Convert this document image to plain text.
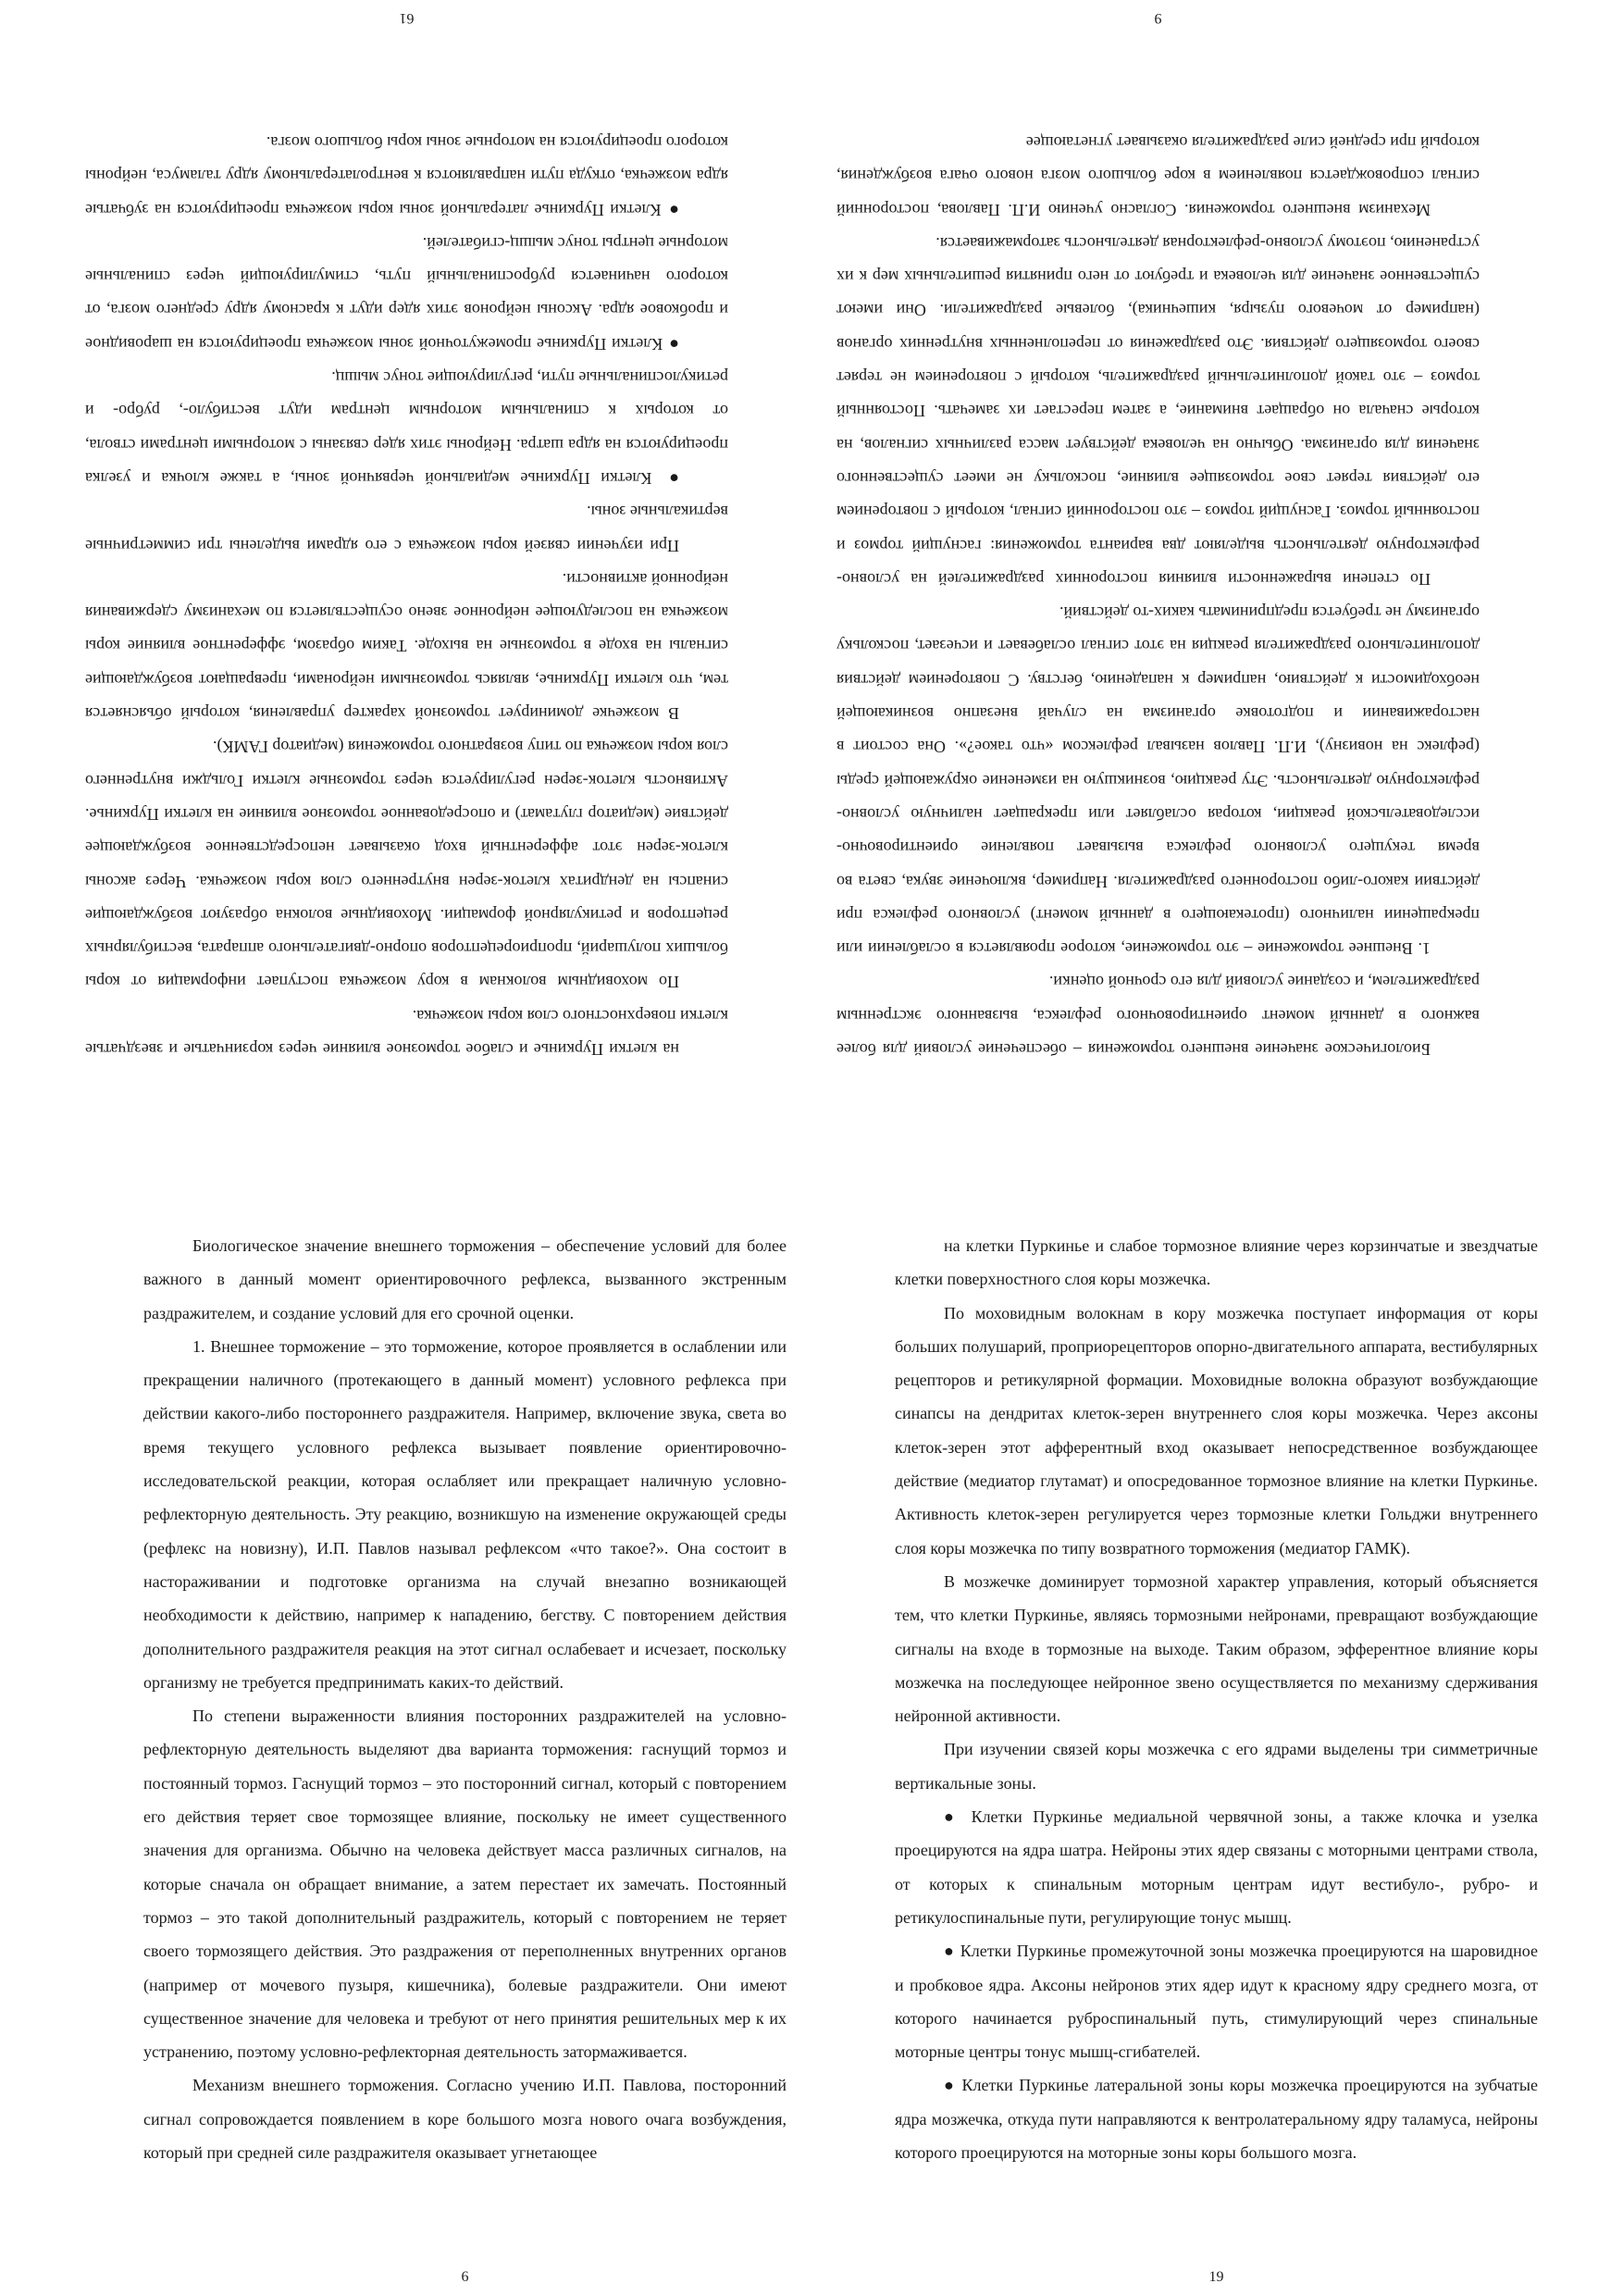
Биологическое значение внешнего торможения – обеспечение условий для более важного в данный момент ориентировочного рефлекса, вызванного экстренным раздражителем, и создание условий для его срочной оценки.

1. Внешнее торможение – это торможение, которое проявляется в ослаблении или прекращении наличного (протекающего в данный момент) условного рефлекса при действии какого-либо постороннего раздражителя. Например, включение звука, света во время текущего условного рефлекса вызывает появление ориентировочно-исследовательской реакции, которая ослабляет или прекращает наличную условно-рефлекторную деятельность. Эту реакцию, возникшую на изменение окружающей среды (рефлекс на новизну), И.П. Павлов называл рефлексом «что такое?». Она состоит в настораживании и подготовке организма на случай внезапно возникающей необходимости к действию, например к нападению, бегству. С повторением действия дополнительного раздражителя реакция на этот сигнал ослабевает и исчезает, поскольку организму не требуется предпринимать каких-то действий.

По степени выраженности влияния посторонних раздражителей на условно-рефлекторную деятельность выделяют два варианта торможения: гаснущий тормоз и постоянный тормоз. Гаснущий тормоз – это посторонний сигнал, который с повторением его действия теряет свое тормозящее влияние, поскольку не имеет существенного значения для организма. Обычно на человека действует масса различных сигналов, на которые сначала он обращает внимание, а затем перестает их замечать. Постоянный тормоз – это такой дополнительный раздражитель, который с повторением не теряет своего тормозящего действия. Это раздражения от переполненных внутренних органов (например от мочевого пузыря, кишечника), болевые раздражители. Они имеют существенное значение для человека и требуют от него принятия решительных мер к их устранению, поэтому условно-рефлекторная деятельность затормаживается.

Механизм внешнего торможения. Согласно учению И.П. Павлова, посторонний сигнал сопровождается появлением в коре большого мозга нового очага возбуждения, который при средней силе раздражителя оказывает угнетающее

9

на клетки Пуркинье и слабое тормозное влияние через корзинчатые и звездчатые клетки поверхностного слоя коры мозжечка.

По моховидным волокнам в кору мозжечка поступает информация от коры больших полушарий, проприорецепторов опорно-двигательного аппарата, вестибулярных рецепторов и ретикулярной формации. Моховидные волокна образуют возбуждающие синапсы на дендритах клеток-зерен внутреннего слоя коры мозжечка. Через аксоны клеток-зерен этот афферентный вход оказывает непосредственное возбуждающее действие (медиатор глутамат) и опосредованное тормозное влияние на клетки Пуркинье. Активность клеток-зерен регулируется через тормозные клетки Гольджи внутреннего слоя коры мозжечка по типу возвратного торможения (медиатор ГАМК).

В мозжечке доминирует тормозной характер управления, который объясняется тем, что клетки Пуркинье, являясь тормозными нейронами, превращают возбуждающие сигналы на входе в тормозные на выходе. Таким образом, эфферентное влияние коры мозжечка на последующее нейронное звено осуществляется по механизму сдерживания нейронной активности.

При изучении связей коры мозжечка с его ядрами выделены три симметричные вертикальные зоны.

● Клетки Пуркинье медиальной червячной зоны, а также клочка и узелка проецируются на ядра шатра. Нейроны этих ядер связаны с моторными центрами ствола, от которых к спинальным моторным центрам идут вестибуло-, рубро- и ретикулоспинальные пути, регулирующие тонус мышц.

● Клетки Пуркинье промежуточной зоны мозжечка проецируются на шаровидное и пробковое ядра. Аксоны нейронов этих ядер идут к красному ядру среднего мозга, от которого начинается руброспинальный путь, стимулирующий через спинальные моторные центры тонус мышц-сгибателей.

● Клетки Пуркинье латеральной зоны коры мозжечка проецируются на зубчатые ядра мозжечка, откуда пути направляются к вентролатеральному ядру таламуса, нейроны которого проецируются на моторные зоны коры большого мозга.

61

Биологическое значение внешнего торможения – обеспечение условий для более важного в данный момент ориентировочного рефлекса, вызванного экстренным раздражителем, и создание условий для его срочной оценки.

1. Внешнее торможение – это торможение, которое проявляется в ослаблении или прекращении наличного (протекающего в данный момент) условного рефлекса при действии какого-либо постороннего раздражителя. Например, включение звука, света во время текущего условного рефлекса вызывает появление ориентировочно-исследовательской реакции, которая ослабляет или прекращает наличную условно-рефлекторную деятельность. Эту реакцию, возникшую на изменение окружающей среды (рефлекс на новизну), И.П. Павлов называл рефлексом «что такое?». Она состоит в настораживании и подготовке организма на случай внезапно возникающей необходимости к действию, например к нападению, бегству. С повторением действия дополнительного раздражителя реакция на этот сигнал ослабевает и исчезает, поскольку организму не требуется предпринимать каких-то действий.

По степени выраженности влияния посторонних раздражителей на условно-рефлекторную деятельность выделяют два варианта торможения: гаснущий тормоз и постоянный тормоз. Гаснущий тормоз – это посторонний сигнал, который с повторением его действия теряет свое тормозящее влияние, поскольку не имеет существенного значения для организма. Обычно на человека действует масса различных сигналов, на которые сначала он обращает внимание, а затем перестает их замечать. Постоянный тормоз – это такой дополнительный раздражитель, который с повторением не теряет своего тормозящего действия. Это раздражения от переполненных внутренних органов (например от мочевого пузыря, кишечника), болевые раздражители. Они имеют существенное значение для человека и требуют от него принятия решительных мер к их устранению, поэтому условно-рефлекторная деятельность затормаживается.

Механизм внешнего торможения. Согласно учению И.П. Павлова, посторонний сигнал сопровождается появлением в коре большого мозга нового очага возбуждения, который при средней силе раздражителя оказывает угнетающее

6

на клетки Пуркинье и слабое тормозное влияние через корзинчатые и звездчатые клетки поверхностного слоя коры мозжечка.

По моховидным волокнам в кору мозжечка поступает информация от коры больших полушарий, проприорецепторов опорно-двигательного аппарата, вестибулярных рецепторов и ретикулярной формации. Моховидные волокна образуют возбуждающие синапсы на дендритах клеток-зерен внутреннего слоя коры мозжечка. Через аксоны клеток-зерен этот афферентный вход оказывает непосредственное возбуждающее действие (медиатор глутамат) и опосредованное тормозное влияние на клетки Пуркинье. Активность клеток-зерен регулируется через тормозные клетки Гольджи внутреннего слоя коры мозжечка по типу возвратного торможения (медиатор ГАМК).

В мозжечке доминирует тормозной характер управления, который объясняется тем, что клетки Пуркинье, являясь тормозными нейронами, превращают возбуждающие сигналы на входе в тормозные на выходе. Таким образом, эфферентное влияние коры мозжечка на последующее нейронное звено осуществляется по механизму сдерживания нейронной активности.

При изучении связей коры мозжечка с его ядрами выделены три симметричные вертикальные зоны.

● Клетки Пуркинье медиальной червячной зоны, а также клочка и узелка проецируются на ядра шатра. Нейроны этих ядер связаны с моторными центрами ствола, от которых к спинальным моторным центрам идут вестибуло-, рубро- и ретикулоспинальные пути, регулирующие тонус мышц.

● Клетки Пуркинье промежуточной зоны мозжечка проецируются на шаровидное и пробковое ядра. Аксоны нейронов этих ядер идут к красному ядру среднего мозга, от которого начинается руброспинальный путь, стимулирующий через спинальные моторные центры тонус мышц-сгибателей.

● Клетки Пуркинье латеральной зоны коры мозжечка проецируются на зубчатые ядра мозжечка, откуда пути направляются к вентролатеральному ядру таламуса, нейроны которого проецируются на моторные зоны коры большого мозга.

19
